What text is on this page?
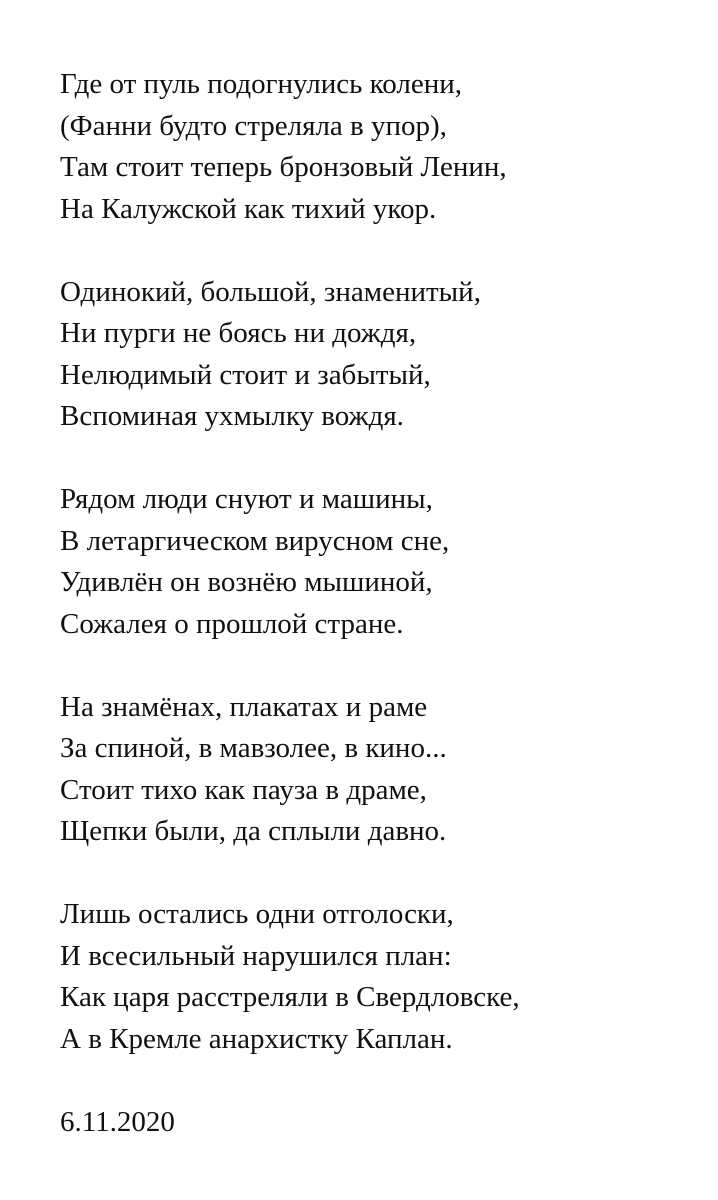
Где от пуль подогнулись колени,
(Фанни будто стреляла в упор),
Там стоит теперь бронзовый Ленин,
На Калужской как тихий укор.
Одинокий, большой, знаменитый,
Ни пурги не боясь ни дождя,
Нелюдимый стоит и забытый,
Вспоминая ухмылку вождя.
Рядом люди снуют и машины,
В летаргическом вирусном сне,
Удивлён он вознёю мышиной,
Сожалея о прошлой стране.
На знамёнах, плакатах и раме
За спиной, в мавзолее, в кино...
Стоит тихо как пауза в драме,
Щепки были, да сплыли давно.
Лишь остались одни отголоски,
И всесильный нарушился план:
Как царя расстреляли в Свердловске,
А в Кремле анархистку Каплан.
6.11.2020
